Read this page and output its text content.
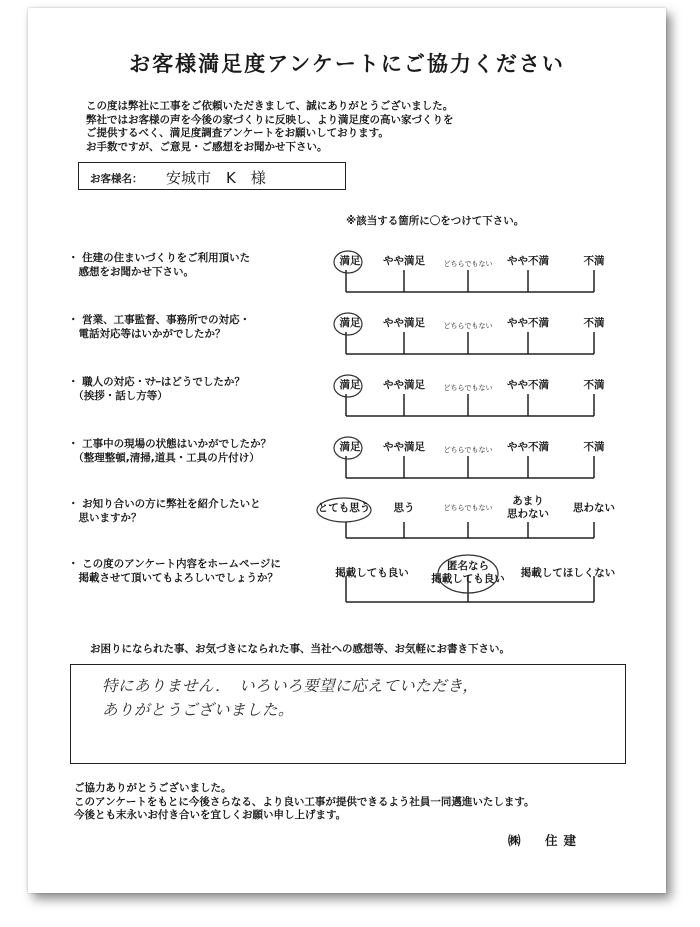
お客様満足度アンケートにご協力ください
この度は弊社に工事をご依頼いただきまして、誠にありがとうございました。
弊社ではお客様の声を今後の家づくりに反映し、より満足度の高い家づくりを
ご提供するべく、満足度調査アンケートをお願いしております。
お手数ですが、ご意見・ご感想をお聞かせ下さい。
お客様名： 安城市　K　様
※該当する箇所に〇をつけて下さい。
・ 住建の住まいづくりをご利用頂いた
　感想をお聞かせ下さい。
満足 やや満足	どちらでもない やや不満	不満
・ 営業、工事監督、事務所での対応・
　電話対応等はいかがでしたか？
満足 やや満足	どちらでもない やや不満	不満
・ 職人の対応・ﾏﾅｰはどうでしたか？
　（挨拶・話し方等）
満足 やや満足	どちらでもない やや不満	不満
・ 工事中の現場の状態はいかがでしたか？
　（整理整頓,清掃,道具・工具の片付け）
満足 やや満足	どちらでもない やや不満	不満
・ お知り合いの方に弊社を紹介したいと
　思いますか？
とても思う 思う	どちらでもない
あまり
思わない 思わない
・ この度のアンケート内容をホームページに
　掲載させて頂いてもよろしいでしょうか？	掲載しても良い
匿名なら
掲載しても良い 掲載してほしくない
お困りになられた事、お気づきになられた事、当社への感想等、お気軽にお書き下さい。
特にありません．　いろいろ要望に応えていただき，
ありがとうございました。
ご協力ありがとうございました。
このアンケートをもとに今後さらなる、より良い工事が提供できるよう社員一同邁進いたします。
今後とも末永いお付き合いを宜しくお願い申し上げます。
㈱　住建
